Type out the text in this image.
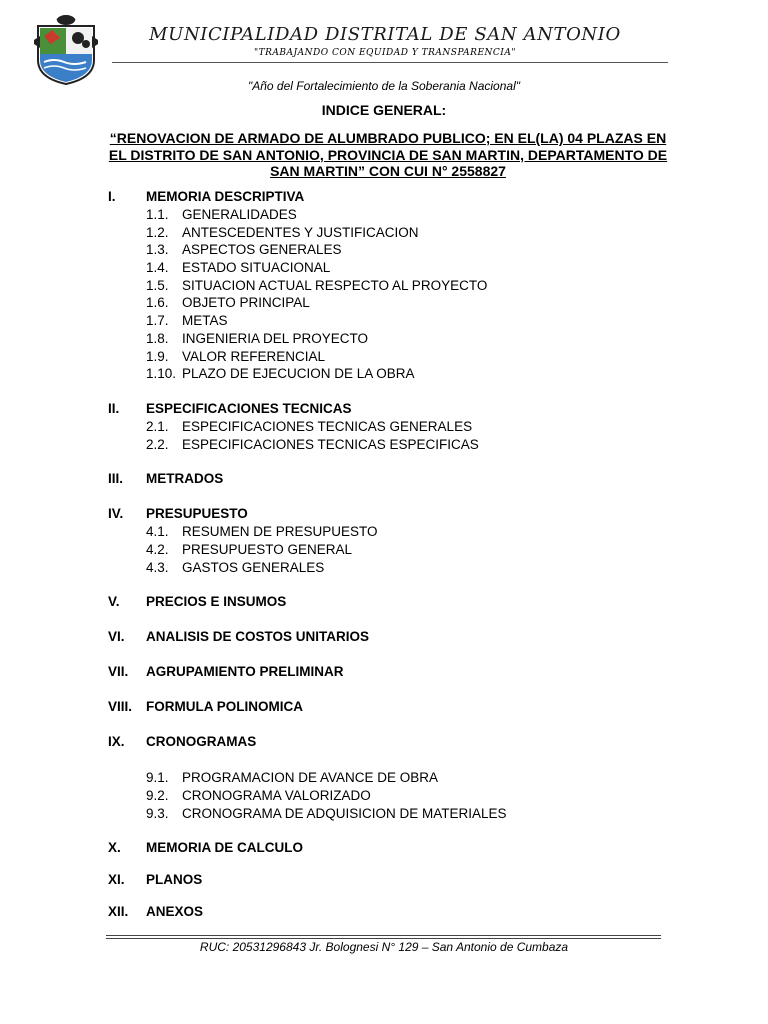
MUNICIPALIDAD DISTRITAL DE SAN ANTONIO
"TRABAJANDO CON EQUIDAD Y TRANSPARENCIA"
"Año del Fortalecimiento de la Soberania Nacional"
INDICE GENERAL:
“RENOVACION DE ARMADO DE ALUMBRADO PUBLICO; EN EL(LA) 04 PLAZAS EN
EL DISTRITO DE SAN ANTONIO, PROVINCIA DE SAN MARTIN, DEPARTAMENTO DE
SAN MARTIN” CON CUI N° 2558827
I. MEMORIA DESCRIPTIVA
1.1. GENERALIDADES
1.2. ANTESCEDENTES Y JUSTIFICACION
1.3. ASPECTOS GENERALES
1.4. ESTADO SITUACIONAL
1.5. SITUACION ACTUAL RESPECTO AL PROYECTO
1.6. OBJETO PRINCIPAL
1.7. METAS
1.8. INGENIERIA DEL PROYECTO
1.9. VALOR REFERENCIAL
1.10. PLAZO DE EJECUCION DE LA OBRA
II. ESPECIFICACIONES TECNICAS
2.1. ESPECIFICACIONES TECNICAS GENERALES
2.2. ESPECIFICACIONES TECNICAS ESPECIFICAS
III. METRADOS
IV. PRESUPUESTO
4.1. RESUMEN DE PRESUPUESTO
4.2. PRESUPUESTO GENERAL
4.3. GASTOS GENERALES
V. PRECIOS E INSUMOS
VI. ANALISIS DE COSTOS UNITARIOS
VII. AGRUPAMIENTO PRELIMINAR
VIII. FORMULA POLINOMICA
IX. CRONOGRAMAS
9.1. PROGRAMACION DE AVANCE DE OBRA
9.2. CRONOGRAMA VALORIZADO
9.3. CRONOGRAMA DE ADQUISICION DE MATERIALES
X. MEMORIA DE CALCULO
XI. PLANOS
XII. ANEXOS
RUC: 20531296843 Jr. Bolognesi N° 129 – San Antonio de Cumbaza
